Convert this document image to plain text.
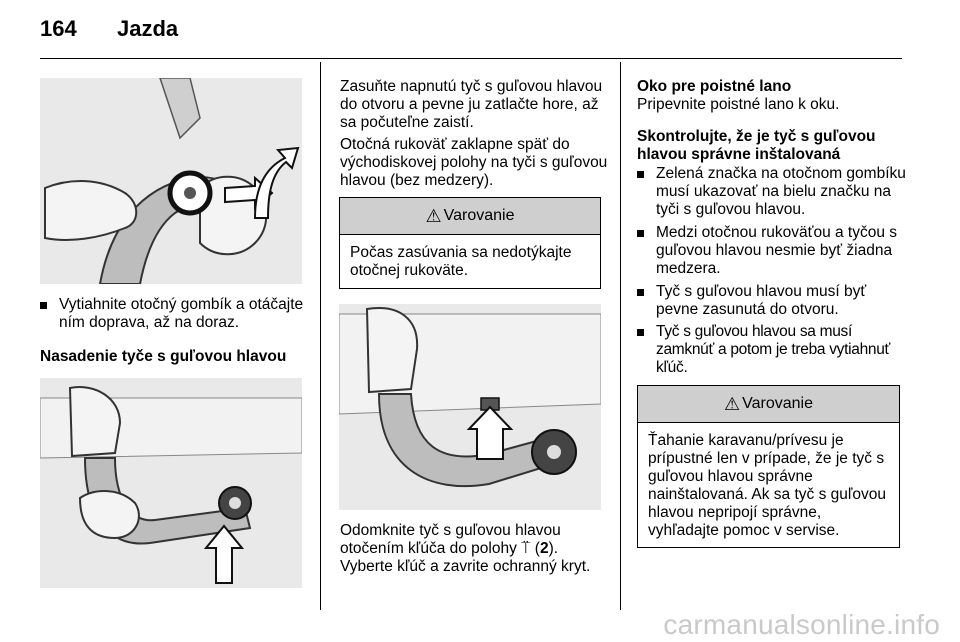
164 Jazda
Vytiahnite otočný gombík a otáčajte ním doprava, až na doraz.
Nasadenie tyče s guľovou hlavou
Zasuňte napnutú tyč s guľovou hlavou do otvoru a pevne ju zatlačte hore, až sa počuteľne zaistí.
Otočná rukoväť zaklapne späť do východiskovej polohy na tyči s guľovou hlavou (bez medzery).
⚠ Varovanie
Počas zasúvania sa nedotýkajte otočnej rukoväte.
Odomknite tyč s guľovou hlavou otočením kľúča do polohy ⍡ (2).
Vyberte kľúč a zavrite ochranný kryt.
Oko pre poistné lano
Pripevnite poistné lano k oku.
Skontrolujte, že je tyč s guľovou hlavou správne inštalovaná
Zelená značka na otočnom gombíku musí ukazovať na bielu značku na tyči s guľovou hlavou.
Medzi otočnou rukoväťou a tyčou s guľovou hlavou nesmie byť žiadna medzera.
Tyč s guľovou hlavou musí byť pevne zasunutá do otvoru.
Tyč s guľovou hlavou sa musí zamknúť a potom je treba vytiahnuť kľúč.
⚠ Varovanie
Ťahanie karavanu/prívesu je prípustné len v prípade, že je tyč s guľovou hlavou správne nainštalovaná. Ak sa tyč s guľovou hlavou nepripojí správne, vyhľadajte pomoc v servise.
carmanualsonline.info
